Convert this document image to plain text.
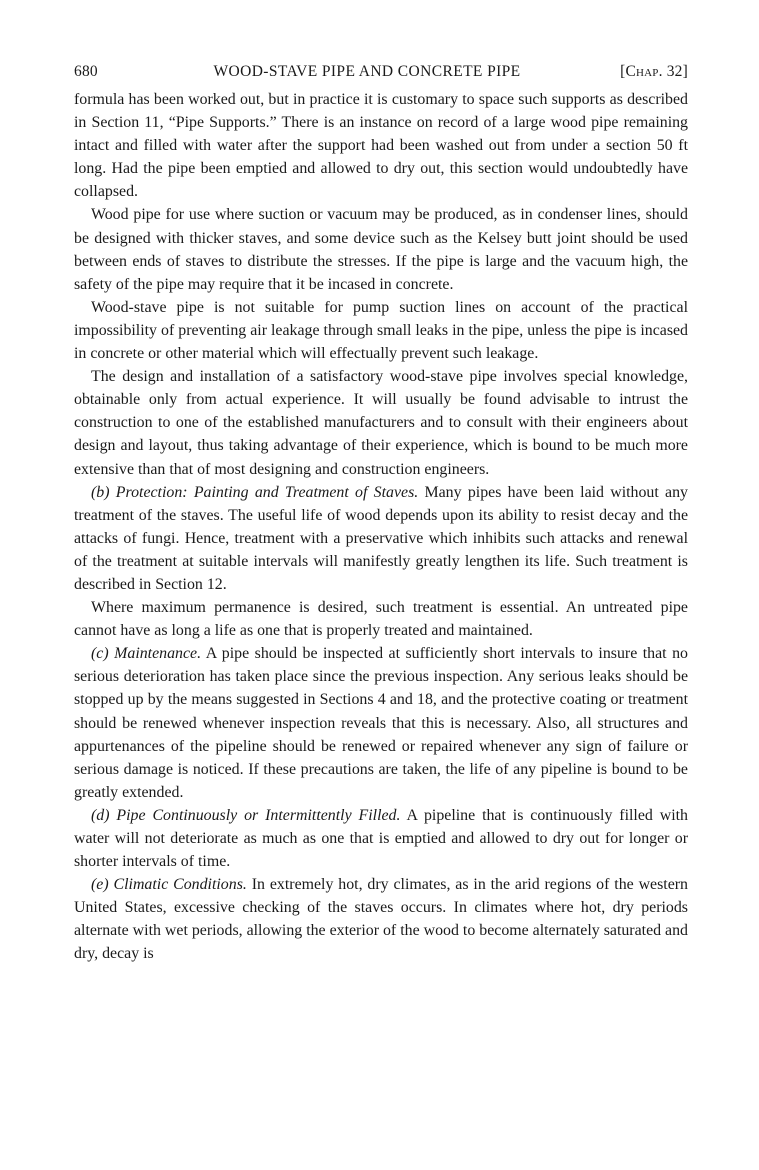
680	WOOD-STAVE PIPE AND CONCRETE PIPE	[Chap. 32]

formula has been worked out, but in practice it is customary to space such supports as described in Section 11, “Pipe Supports.” There is an instance on record of a large wood pipe remaining intact and filled with water after the support had been washed out from under a section 50 ft long. Had the pipe been emptied and allowed to dry out, this section would undoubtedly have collapsed.

Wood pipe for use where suction or vacuum may be produced, as in condenser lines, should be designed with thicker staves, and some device such as the Kelsey butt joint should be used between ends of staves to distribute the stresses. If the pipe is large and the vacuum high, the safety of the pipe may require that it be incased in concrete.

Wood-stave pipe is not suitable for pump suction lines on account of the practical impossibility of preventing air leakage through small leaks in the pipe, unless the pipe is incased in concrete or other material which will effectually prevent such leakage.

The design and installation of a satisfactory wood-stave pipe involves special knowledge, obtainable only from actual experience. It will usually be found advisable to intrust the construction to one of the established manufacturers and to consult with their engineers about design and layout, thus taking advantage of their experience, which is bound to be much more extensive than that of most designing and construction engineers.

(b) Protection: Painting and Treatment of Staves. Many pipes have been laid without any treatment of the staves. The useful life of wood depends upon its ability to resist decay and the attacks of fungi. Hence, treatment with a preservative which inhibits such attacks and renewal of the treatment at suitable intervals will manifestly greatly lengthen its life. Such treatment is described in Section 12.

Where maximum permanence is desired, such treatment is essential. An untreated pipe cannot have as long a life as one that is properly treated and maintained.

(c) Maintenance. A pipe should be inspected at sufficiently short intervals to insure that no serious deterioration has taken place since the previous inspection. Any serious leaks should be stopped up by the means suggested in Sections 4 and 18, and the protective coating or treatment should be renewed whenever inspection reveals that this is necessary. Also, all structures and appurtenances of the pipeline should be renewed or repaired whenever any sign of failure or serious damage is noticed. If these precautions are taken, the life of any pipeline is bound to be greatly extended.

(d) Pipe Continuously or Intermittently Filled. A pipeline that is continuously filled with water will not deteriorate as much as one that is emptied and allowed to dry out for longer or shorter intervals of time.

(e) Climatic Conditions. In extremely hot, dry climates, as in the arid regions of the western United States, excessive checking of the staves occurs. In climates where hot, dry periods alternate with wet periods, allowing the exterior of the wood to become alternately saturated and dry, decay is
